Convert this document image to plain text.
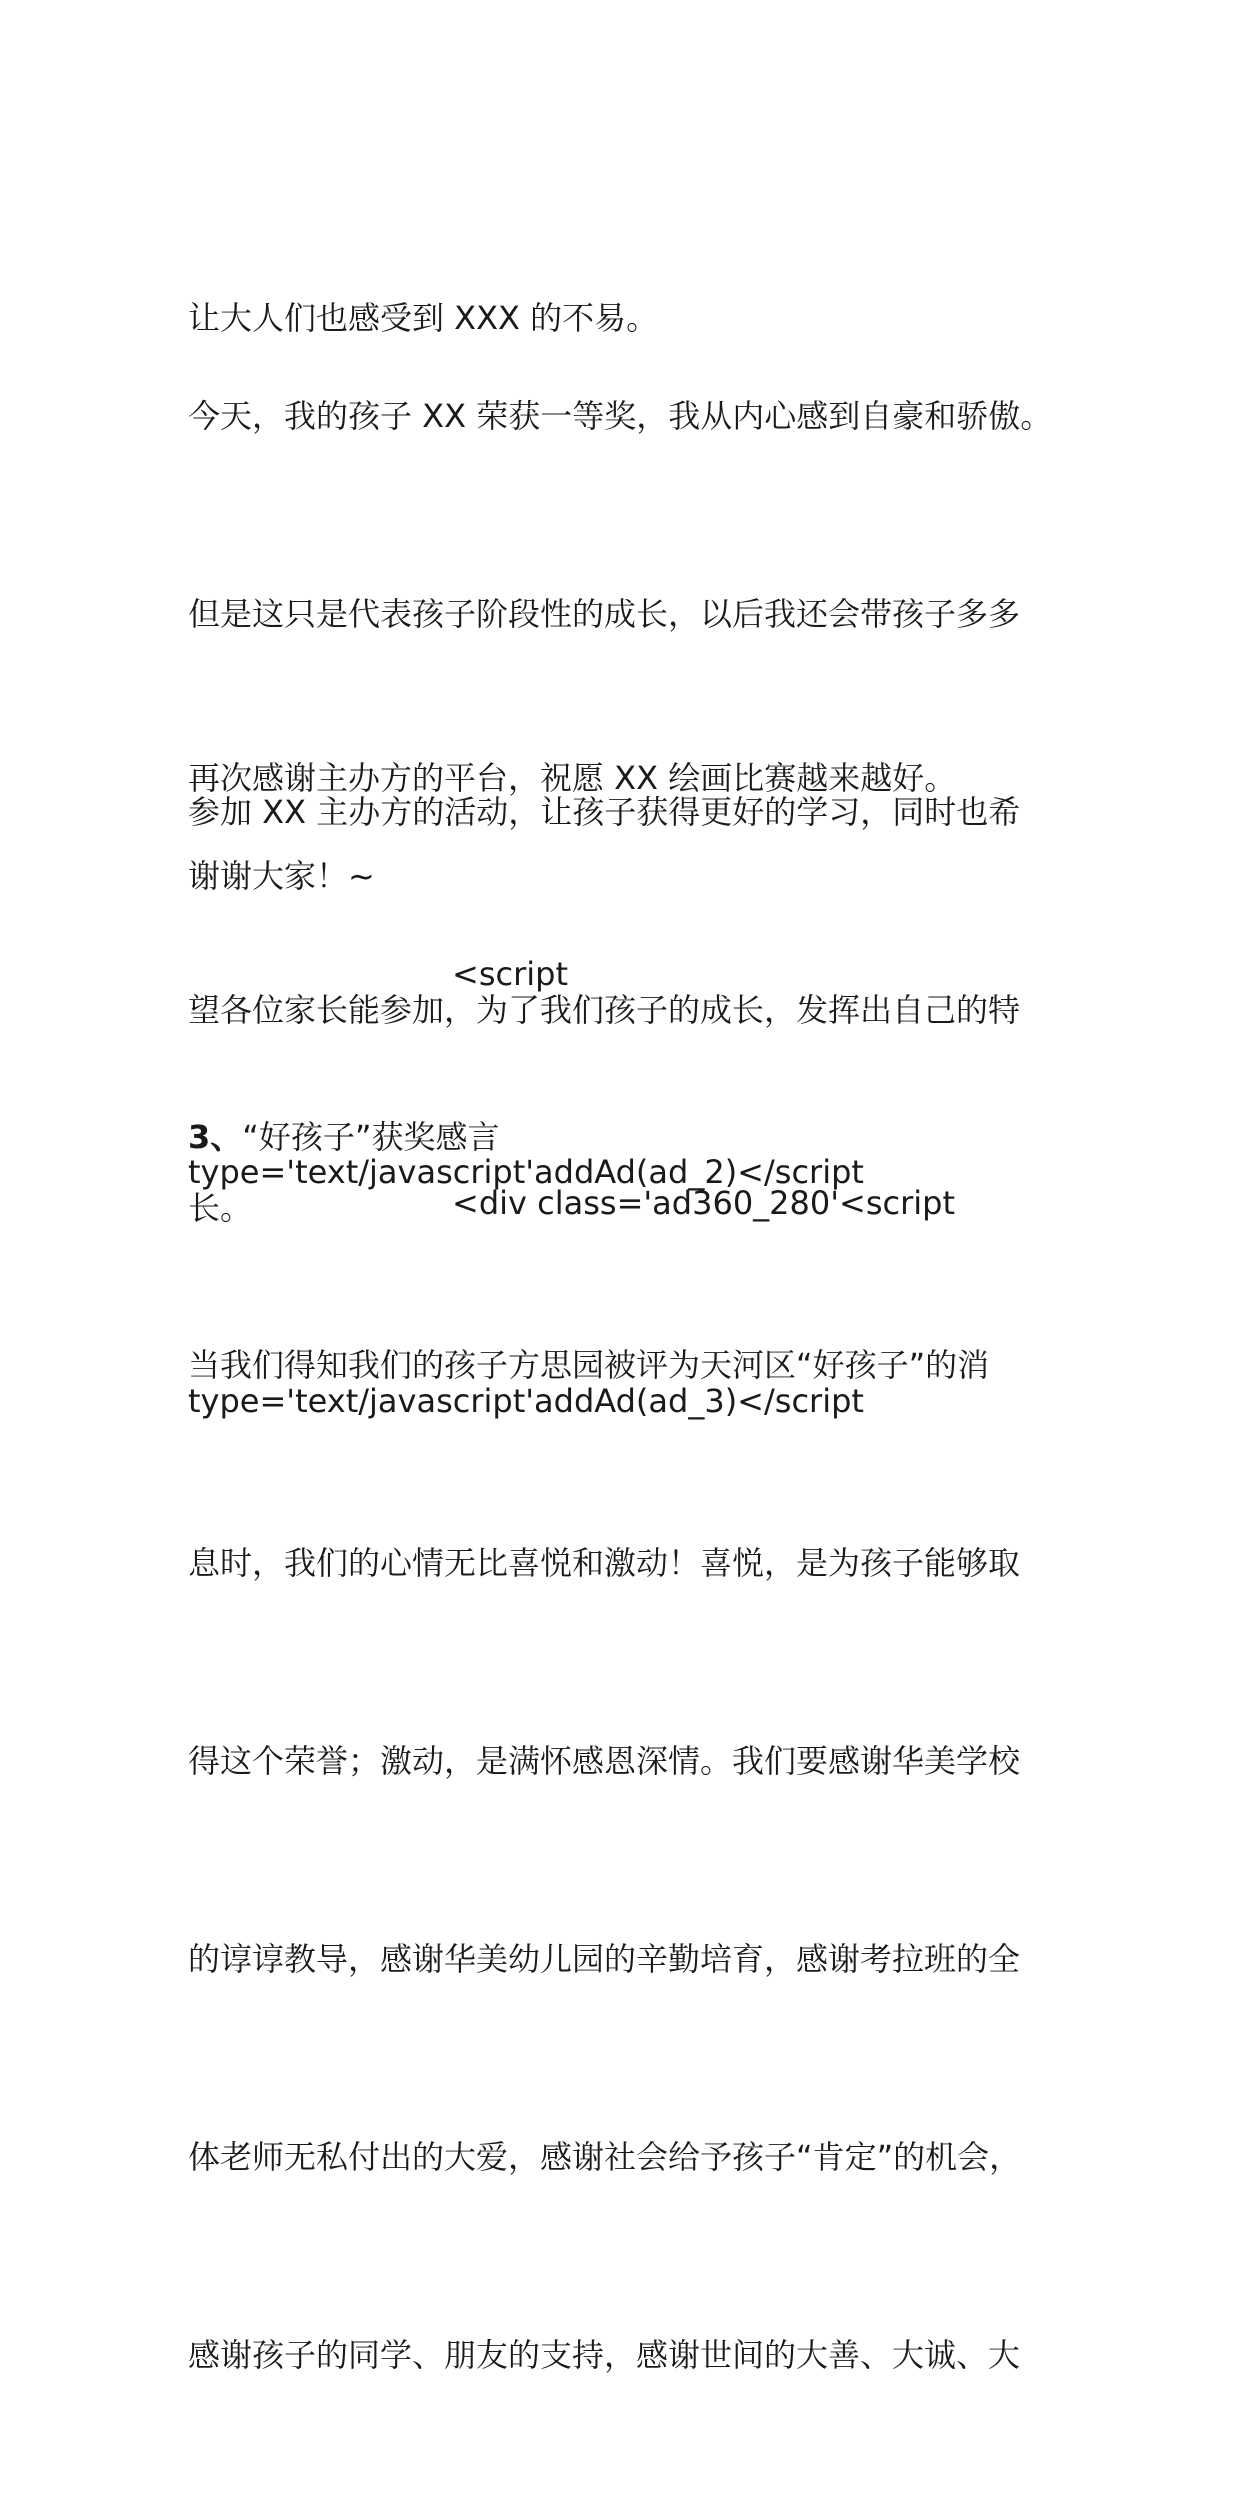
让大人们也感受到 XXX 的不易。

今天，我的孩子 XX 荣获一等奖，我从内心感到自豪和骄傲。

但是这只是代表孩子阶段性的成长，以后我还会带孩子多多

参加 XX 主办方的活动，让孩子获得更好的学习，同时也希

望各位家长能参加，为了我们孩子的成长，发挥出自己的特

长。

再次感谢主办方的平台，祝愿 XX 绘画比赛越来越好。

谢谢大家！~

<script

type='text/javascript'addAd(ad_2)</script

3、“好孩子”获奖感言

<div class='ad360_280'<script

type='text/javascript'addAd(ad_3)</script

当我们得知我们的孩子方思园被评为天河区“好孩子”的消

息时，我们的心情无比喜悦和激动！喜悦，是为孩子能够取

得这个荣誉；激动，是满怀感恩深情。我们要感谢华美学校

的谆谆教导，感谢华美幼儿园的辛勤培育，感谢考拉班的全

体老师无私付出的大爱，感谢社会给予孩子“肯定”的机会，

感谢孩子的同学、朋友的支持，感谢世间的大善、大诚、大
